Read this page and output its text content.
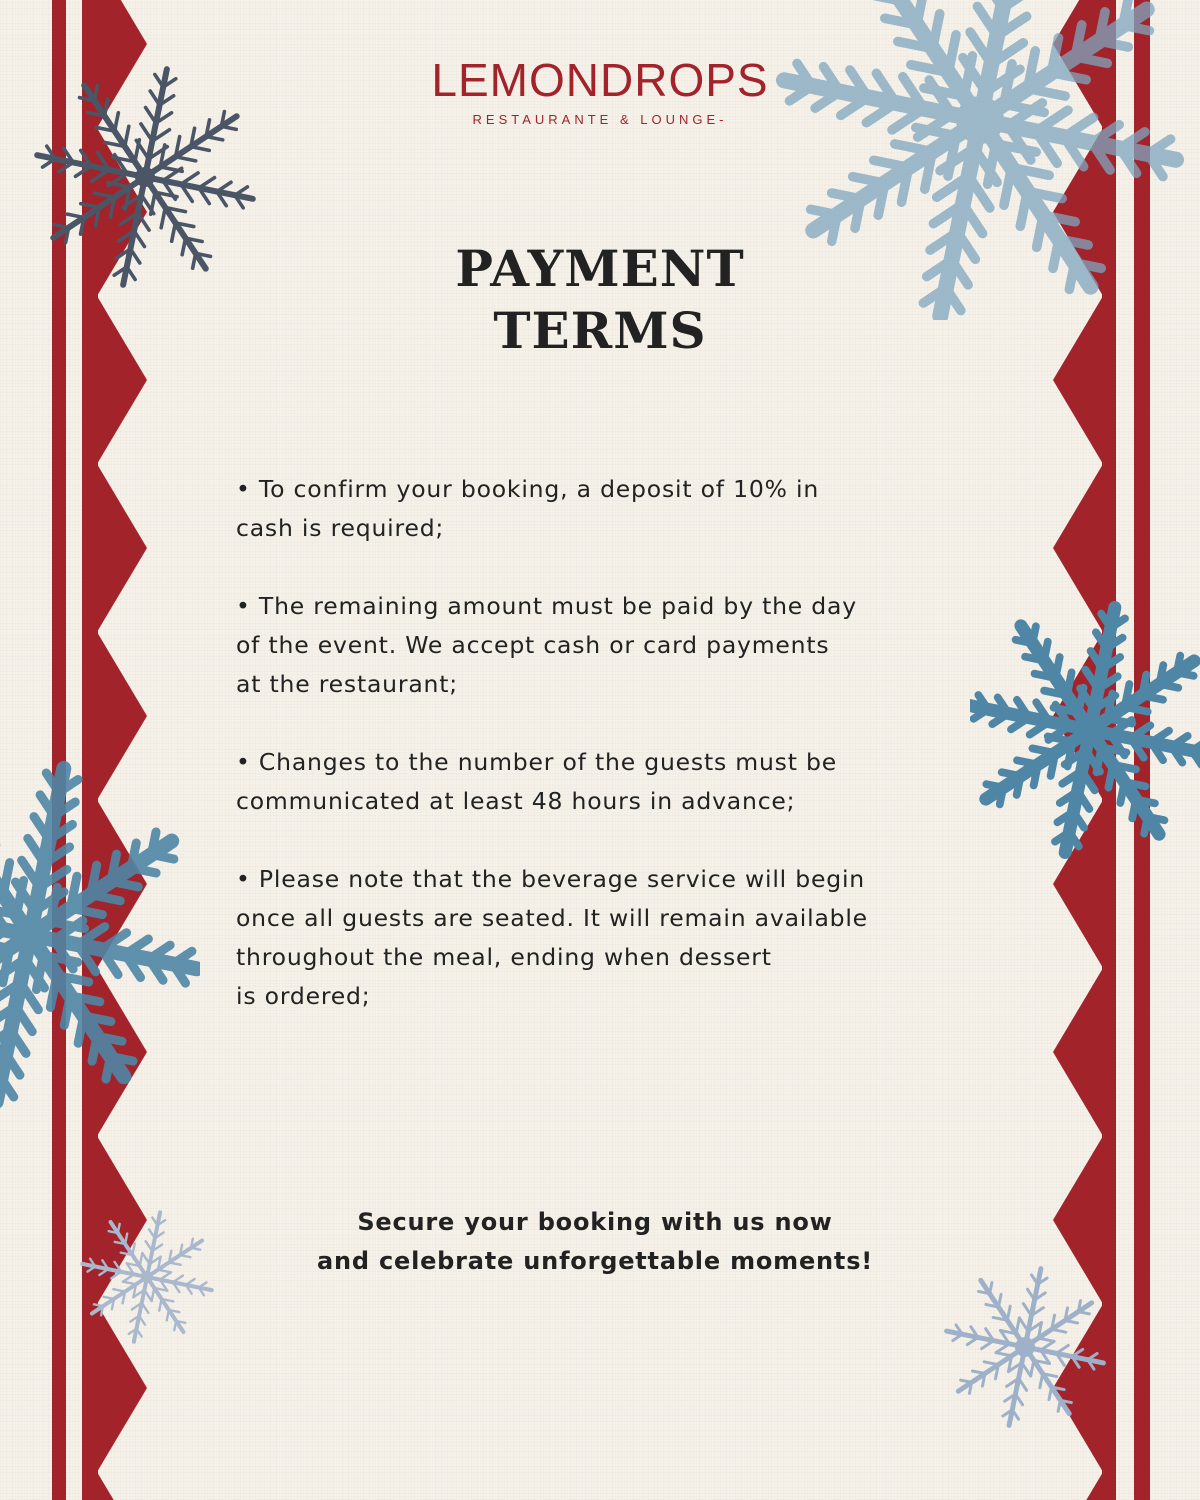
LEMONDROPS
RESTAURANTE & LOUNGE-
PAYMENT
TERMS
• To confirm your booking, a deposit of 10% in
cash is required;
• The remaining amount must be paid by the day
of the event. We accept cash or card payments
at the restaurant;
• Changes to the number of the guests must be
communicated at least 48 hours in advance;
• Please note that the beverage service will begin
once all guests are seated. It will remain available
throughout the meal, ending when dessert
is ordered;
Secure your booking with us now
and celebrate unforgettable moments!
